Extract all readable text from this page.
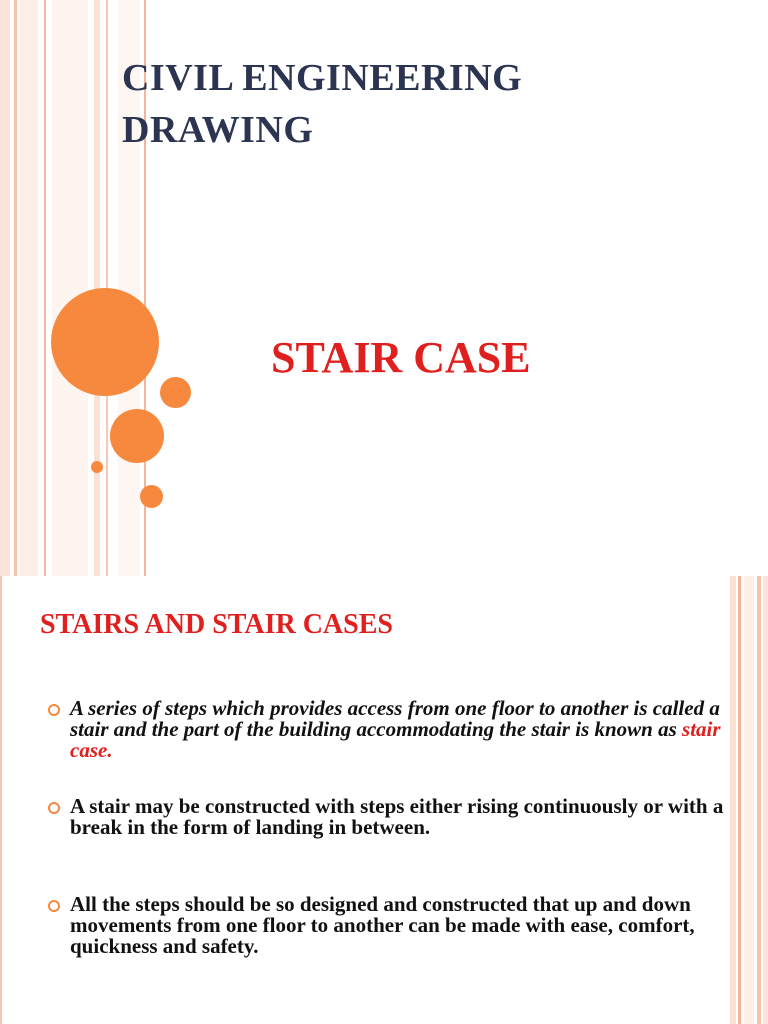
CIVIL ENGINEERING DRAWING
STAIR CASE
STAIRS AND STAIR CASES
A series of steps which provides access from one floor to another is called a stair and the part of the building accommodating the stair is known as stair case.
A stair may be constructed with steps either rising continuously or with a break in the form of landing in between.
All the steps should be so designed and constructed that up and down movements from one floor to another can be made with ease, comfort, quickness and safety.
